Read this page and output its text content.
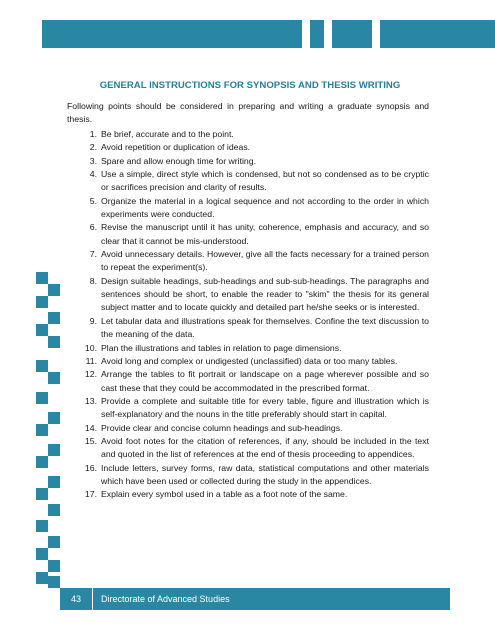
GENERAL INSTRUCTIONS FOR SYNOPSIS AND THESIS WRITING
Following points should be considered in preparing and writing a graduate synopsis and thesis.
1. Be brief, accurate and to the point.
2. Avoid repetition or duplication of ideas.
3. Spare and allow enough time for writing.
4. Use a simple, direct style which is condensed, but not so condensed as to be cryptic or sacrifices precision and clarity of results.
5. Organize the material in a logical sequence and not according to the order in which experiments were conducted.
6. Revise the manuscript until it has unity, coherence, emphasis and accuracy, and so clear that it cannot be mis-understood.
7. Avoid unnecessary details. However, give all the facts necessary for a trained person to repeat the experiment(s).
8. Design suitable headings, sub-headings and sub-sub-headings. The paragraphs and sentences should be short, to enable the reader to "skim" the thesis for its general subject matter and to locate quickly and detailed part he/she seeks or is interested.
9. Let tabular data and illustrations speak for themselves. Confine the text discussion to the meaning of the data.
10. Plan the illustrations and tables in relation to page dimensions.
11. Avoid long and complex or undigested (unclassified) data or too many tables.
12. Arrange the tables to fit portrait or landscape on a page wherever possible and so cast these that they could be accommodated in the prescribed format.
13. Provide a complete and suitable title for every table, figure and illustration which is self-explanatory and the nouns in the title preferably should start in capital.
14. Provide clear and concise column headings and sub-headings.
15. Avoid foot notes for the citation of references, if any, should be included in the text and quoted in the list of references at the end of thesis proceeding to appendices.
16. Include letters, survey forms, raw data, statistical computations and other materials which have been used or collected during the study in the appendices.
17. Explain every symbol used in a table as a foot note of the same.
43	Directorate of Advanced Studies
